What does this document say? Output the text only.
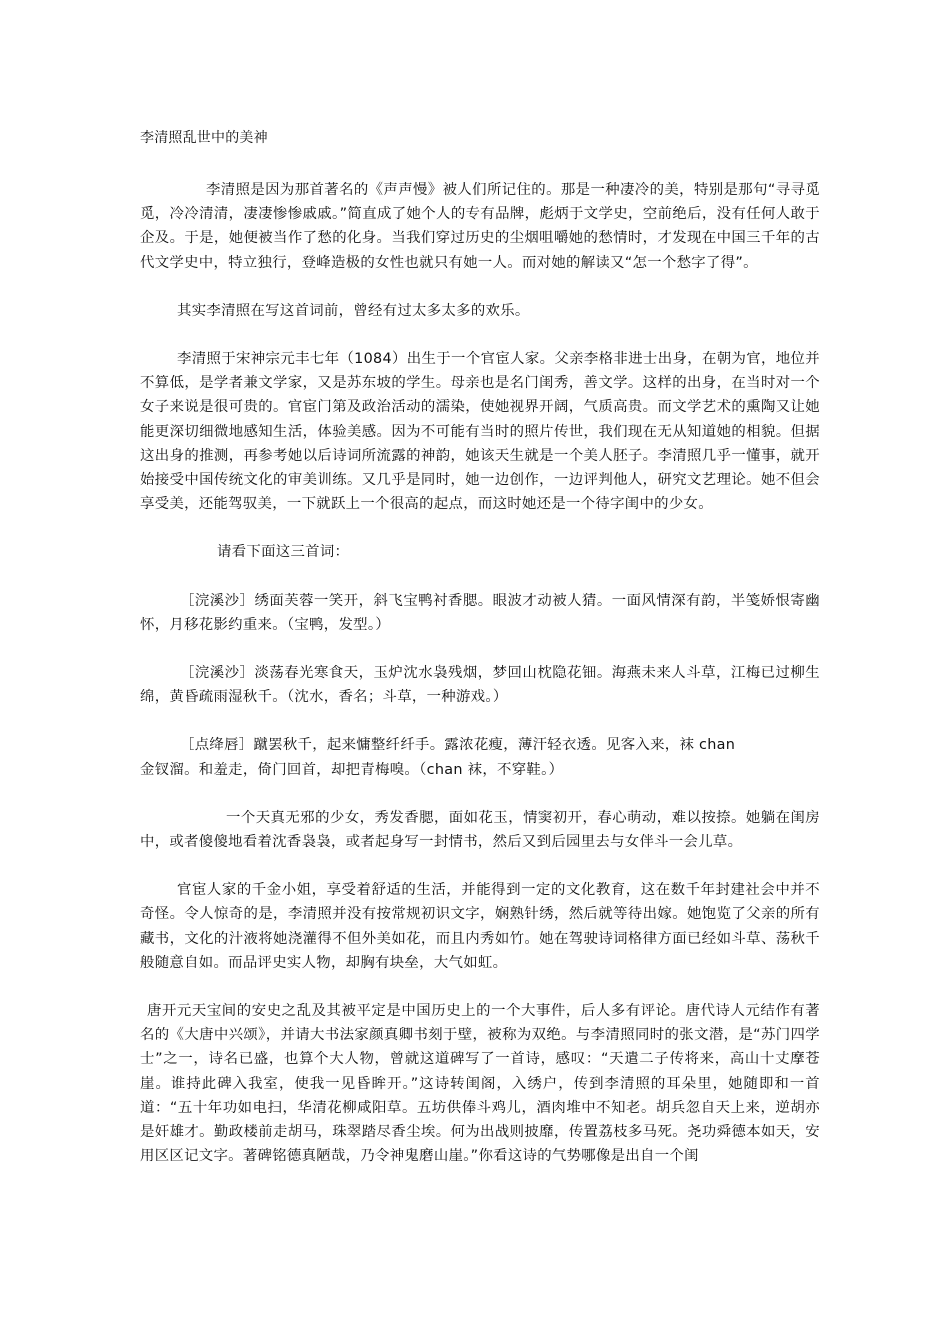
李清照乱世中的美神

李清照是因为那首著名的《声声慢》被人们所记住的。那是一种凄冷的美，特别是那句“寻寻觅觅，冷冷清清，凄凄惨惨戚戚。”简直成了她个人的专有品牌，彪炳于文学史，空前绝后，没有任何人敢于企及。于是，她便被当作了愁的化身。当我们穿过历史的尘烟咀嚼她的愁情时，才发现在中国三千年的古代文学史中，特立独行，登峰造极的女性也就只有她一人。而对她的解读又“怎一个愁字了得”。

其实李清照在写这首词前，曾经有过太多太多的欢乐。

李清照于宋神宗元丰七年（1084）出生于一个官宦人家。父亲李格非进士出身，在朝为官，地位并不算低，是学者兼文学家，又是苏东坡的学生。母亲也是名门闺秀，善文学。这样的出身，在当时对一个女子来说是很可贵的。官宦门第及政治活动的濡染，使她视界开阔，气质高贵。而文学艺术的熏陶又让她能更深切细微地感知生活，体验美感。因为不可能有当时的照片传世，我们现在无从知道她的相貌。但据这出身的推测，再参考她以后诗词所流露的神韵，她该天生就是一个美人胚子。李清照几乎一懂事，就开始接受中国传统文化的审美训练。又几乎是同时，她一边创作，一边评判他人，研究文艺理论。她不但会享受美，还能驾驭美，一下就跃上一个很高的起点，而这时她还是一个待字闺中的少女。

请看下面这三首词：

［浣溪沙］绣面芙蓉一笑开，斜飞宝鸭衬香腮。眼波才动被人猜。一面风情深有韵，半笺娇恨寄幽怀，月移花影约重来。（宝鸭，发型。）

［浣溪沙］淡荡春光寒食天，玉炉沈水袅残烟，梦回山枕隐花钿。海燕未来人斗草，江梅已过柳生绵，黄昏疏雨湿秋千。（沈水，香名；斗草，一种游戏。）

［点绛唇］蹴罢秋千，起来慵整纤纤手。露浓花瘦，薄汗轻衣透。见客入来，袜 chan
金钗溜。和羞走，倚门回首，却把青梅嗅。（chan 袜，不穿鞋。）

一个天真无邪的少女，秀发香腮，面如花玉，情窦初开，春心萌动，难以按捺。她躺在闺房中，或者傻傻地看着沈香袅袅，或者起身写一封情书，然后又到后园里去与女伴斗一会儿草。

官宦人家的千金小姐，享受着舒适的生活，并能得到一定的文化教育，这在数千年封建社会中并不奇怪。令人惊奇的是，李清照并没有按常规初识文字，娴熟针绣，然后就等待出嫁。她饱览了父亲的所有藏书，文化的汁液将她浇灌得不但外美如花，而且内秀如竹。她在驾驶诗词格律方面已经如斗草、荡秋千般随意自如。而品评史实人物，却胸有块垒，大气如虹。

唐开元天宝间的安史之乱及其被平定是中国历史上的一个大事件，后人多有评论。唐代诗人元结作有著名的《大唐中兴颂》，并请大书法家颜真卿书刻于壁，被称为双绝。与李清照同时的张文潜，是“苏门四学士”之一，诗名已盛，也算个大人物，曾就这道碑写了一首诗，感叹：“天遣二子传将来，高山十丈摩苍崖。谁持此碑入我室，使我一见昏眸开。”这诗转闺阁，入绣户，传到李清照的耳朵里，她随即和一首道：“五十年功如电扫，华清花柳咸阳草。五坊供俸斗鸡儿，酒肉堆中不知老。胡兵忽自天上来，逆胡亦是奸雄才。勤政楼前走胡马，珠翠踏尽香尘埃。何为出战则披靡，传置荔枝多马死。尧功舜德本如天，安用区区记文字。著碑铭德真陋哉，乃令神鬼磨山崖。”你看这诗的气势哪像是出自一个闺
